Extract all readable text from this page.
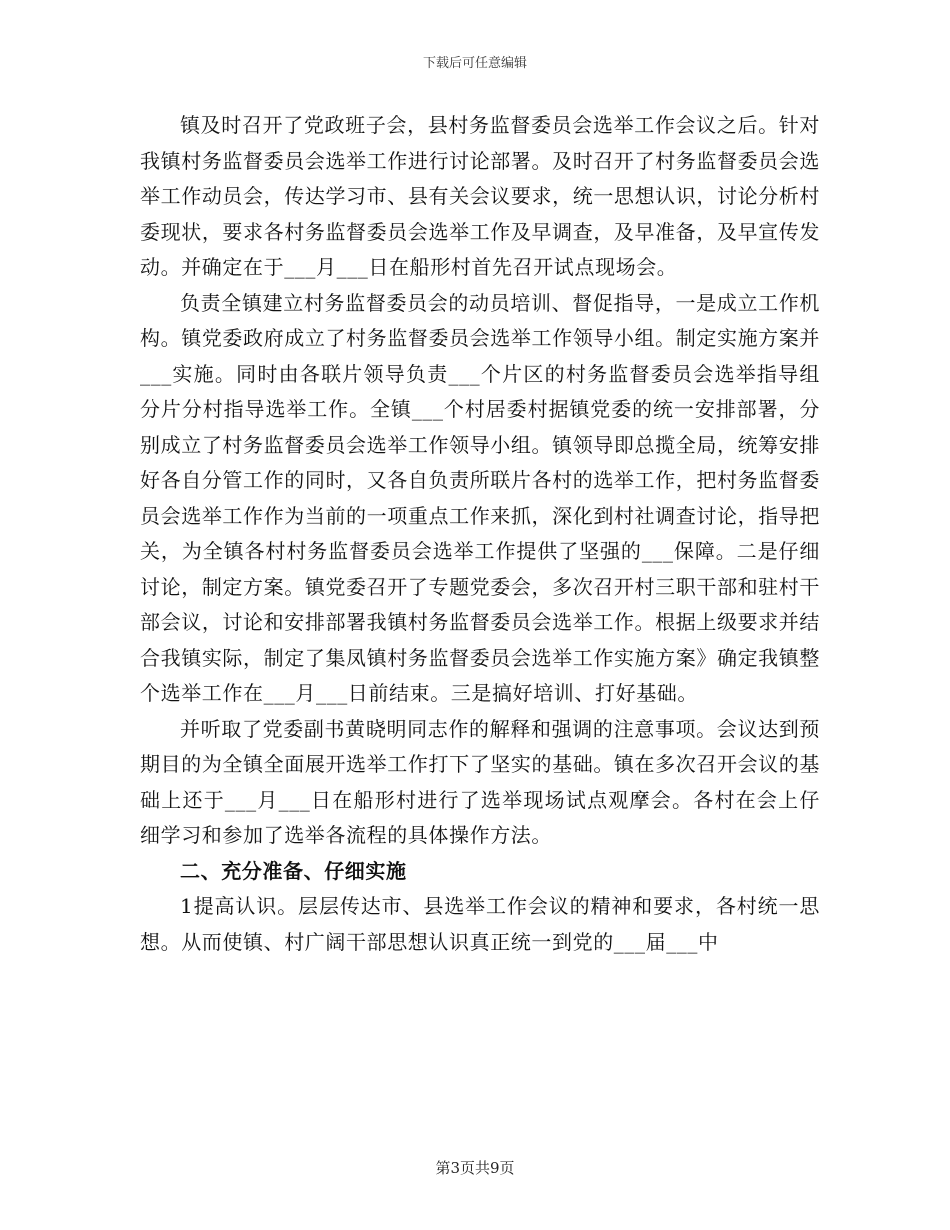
下载后可任意编辑

镇及时召开了党政班子会，县村务监督委员会选举工作会议之后。针对我镇村务监督委员会选举工作进行讨论部署。及时召开了村务监督委员会选举工作动员会，传达学习市、县有关会议要求，统一思想认识，讨论分析村委现状，要求各村务监督委员会选举工作及早调查，及早准备，及早宣传发动。并确定在于___月___日在船形村首先召开试点现场会。

负责全镇建立村务监督委员会的动员培训、督促指导，一是成立工作机构。镇党委政府成立了村务监督委员会选举工作领导小组。制定实施方案并___实施。同时由各联片领导负责___个片区的村务监督委员会选举指导组分片分村指导选举工作。全镇___个村居委村据镇党委的统一安排部署，分别成立了村务监督委员会选举工作领导小组。镇领导即总揽全局，统筹安排好各自分管工作的同时，又各自负责所联片各村的选举工作，把村务监督委员会选举工作作为当前的一项重点工作来抓，深化到村社调查讨论，指导把关，为全镇各村村务监督委员会选举工作提供了坚强的___保障。二是仔细讨论，制定方案。镇党委召开了专题党委会，多次召开村三职干部和驻村干部会议，讨论和安排部署我镇村务监督委员会选举工作。根据上级要求并结合我镇实际，制定了集凤镇村务监督委员会选举工作实施方案》确定我镇整个选举工作在___月___日前结束。三是搞好培训、打好基础。

并听取了党委副书黄晓明同志作的解释和强调的注意事项。会议达到预期目的为全镇全面展开选举工作打下了坚实的基础。镇在多次召开会议的基础上还于___月___日在船形村进行了选举现场试点观摩会。各村在会上仔细学习和参加了选举各流程的具体操作方法。

二、充分准备、仔细实施

1提高认识。层层传达市、县选举工作会议的精神和要求，各村统一思想。从而使镇、村广阔干部思想认识真正统一到党的___届___中

第3页共9页
